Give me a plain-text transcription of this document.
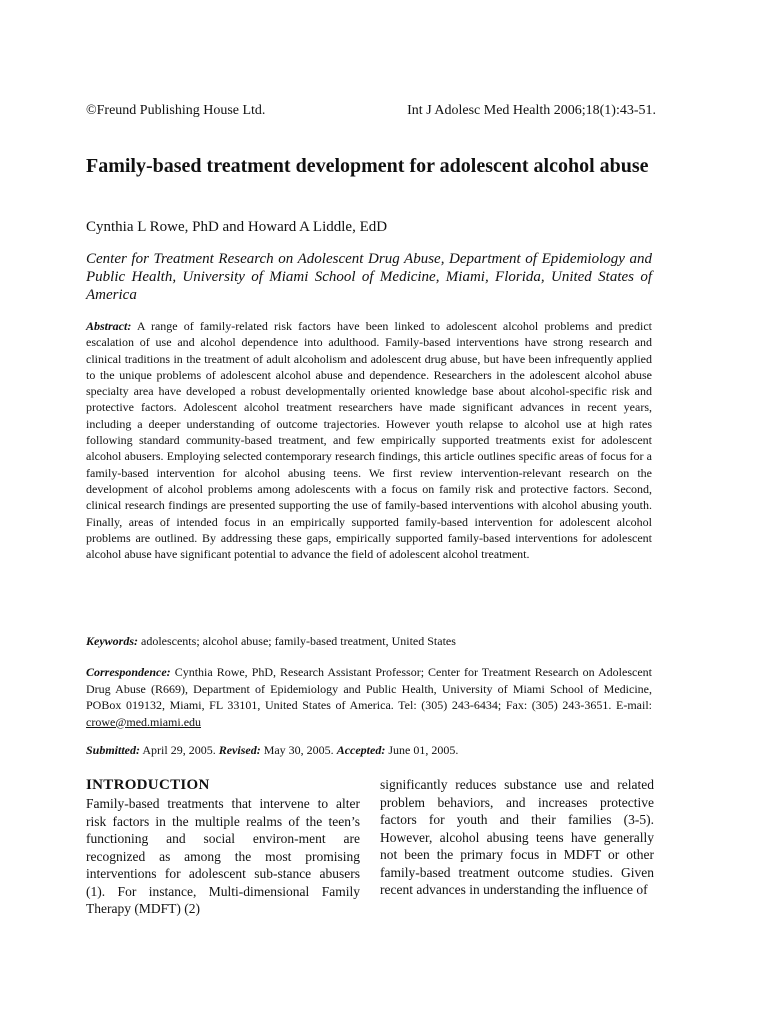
©Freund Publishing House Ltd.	Int J Adolesc Med Health 2006;18(1):43-51.
Family-based treatment development for adolescent alcohol abuse
Cynthia L Rowe, PhD and Howard A Liddle, EdD
Center for Treatment Research on Adolescent Drug Abuse, Department of Epidemiology and Public Health, University of Miami School of Medicine, Miami, Florida, United States of America
Abstract: A range of family-related risk factors have been linked to adolescent alcohol problems and predict escalation of use and alcohol dependence into adulthood. Family-based interventions have strong research and clinical traditions in the treatment of adult alcoholism and adolescent drug abuse, but have been infrequently applied to the unique problems of adolescent alcohol abuse and dependence. Researchers in the adolescent alcohol abuse specialty area have developed a robust developmentally oriented knowledge base about alcohol-specific risk and protective factors. Adolescent alcohol treatment researchers have made significant advances in recent years, including a deeper understanding of outcome trajectories. However youth relapse to alcohol use at high rates following standard community-based treatment, and few empirically supported treatments exist for adolescent alcohol abusers. Employing selected contemporary research findings, this article outlines specific areas of focus for a family-based intervention for alcohol abusing teens. We first review intervention-relevant research on the development of alcohol problems among adolescents with a focus on family risk and protective factors. Second, clinical research findings are presented supporting the use of family-based interventions with alcohol abusing youth. Finally, areas of intended focus in an empirically supported family-based intervention for adolescent alcohol problems are outlined. By addressing these gaps, empirically supported family-based interventions for adolescent alcohol abuse have significant potential to advance the field of adolescent alcohol treatment.
Keywords: adolescents; alcohol abuse; family-based treatment, United States
Correspondence: Cynthia Rowe, PhD, Research Assistant Professor; Center for Treatment Research on Adolescent Drug Abuse (R669), Department of Epidemiology and Public Health, University of Miami School of Medicine, POBox 019132, Miami, FL 33101, United States of America. Tel: (305) 243-6434; Fax: (305) 243-3651. E-mail: crowe@med.miami.edu
Submitted: April 29, 2005. Revised: May 30, 2005. Accepted: June 01, 2005.
INTRODUCTION
Family-based treatments that intervene to alter risk factors in the multiple realms of the teen’s functioning and social environ-ment are recognized as among the most promising interventions for adolescent sub-stance abusers (1). For instance, Multi-dimensional Family Therapy (MDFT) (2)
significantly reduces substance use and related problem behaviors, and increases protective factors for youth and their families (3-5). However, alcohol abusing teens have generally not been the primary focus in MDFT or other family-based treatment outcome studies. Given recent advances in understanding the influence of
